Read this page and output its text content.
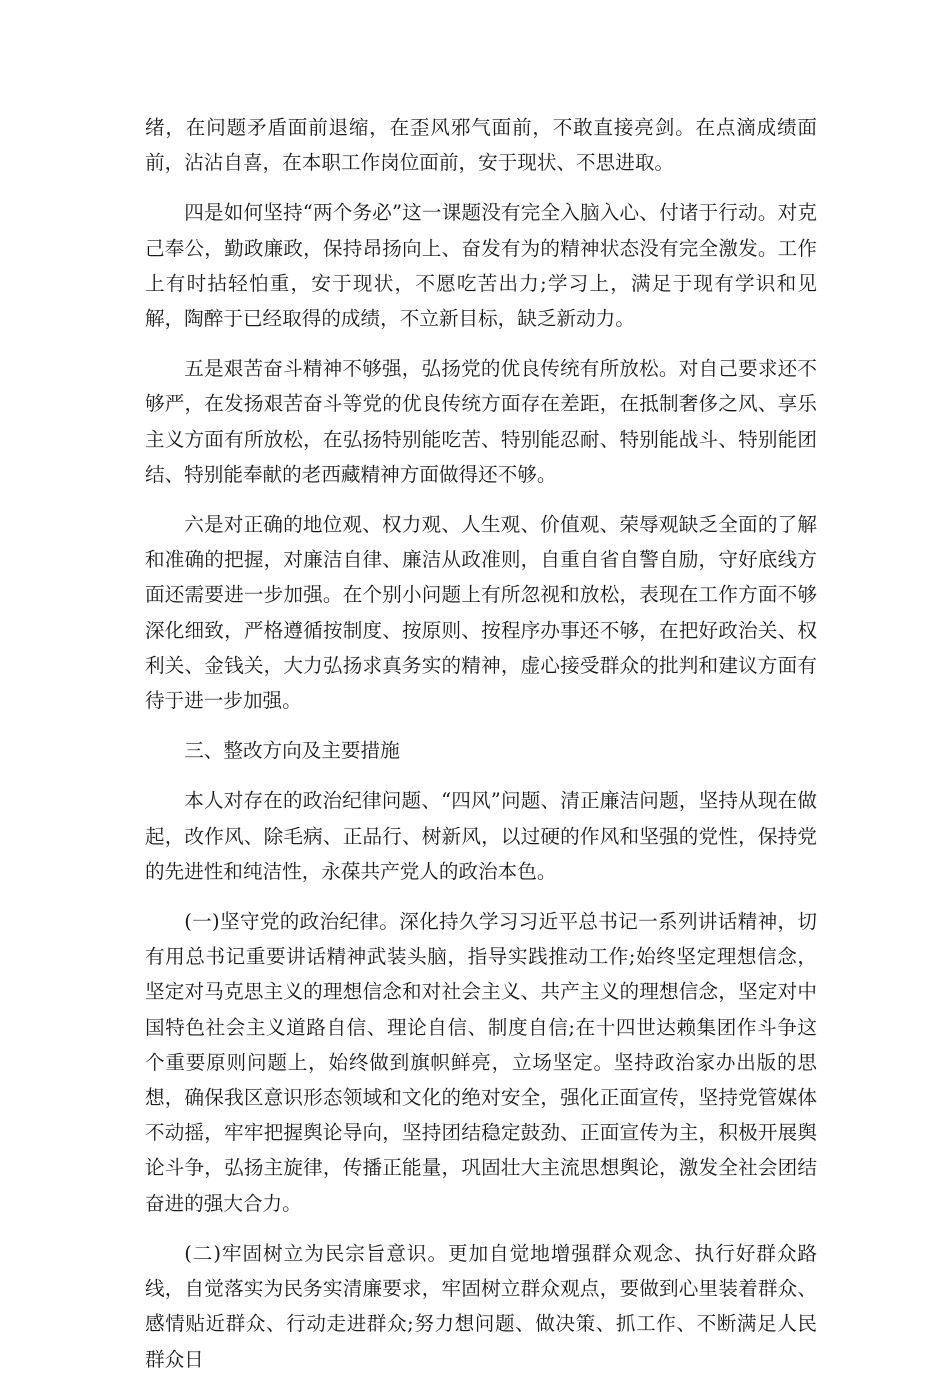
绪，在问题矛盾面前退缩，在歪风邪气面前，不敢直接亮剑。在点滴成绩面前，沾沾自喜，在本职工作岗位面前，安于现状、不思进取。

四是如何坚持“两个务必”这一课题没有完全入脑入心、付诸于行动。对克己奉公，勤政廉政，保持昂扬向上、奋发有为的精神状态没有完全激发。工作上有时拈轻怕重，安于现状，不愿吃苦出力;学习上，满足于现有学识和见解，陶醉于已经取得的成绩，不立新目标，缺乏新动力。

五是艰苦奋斗精神不够强，弘扬党的优良传统有所放松。对自己要求还不够严，在发扬艰苦奋斗等党的优良传统方面存在差距，在抵制奢侈之风、享乐主义方面有所放松，在弘扬特别能吃苦、特别能忍耐、特别能战斗、特别能团结、特别能奉献的老西藏精神方面做得还不够。

六是对正确的地位观、权力观、人生观、价值观、荣辱观缺乏全面的了解和准确的把握，对廉洁自律、廉洁从政准则，自重自省自警自励，守好底线方面还需要进一步加强。在个别小问题上有所忽视和放松，表现在工作方面不够深化细致，严格遵循按制度、按原则、按程序办事还不够，在把好政治关、权利关、金钱关，大力弘扬求真务实的精神，虚心接受群众的批判和建议方面有待于进一步加强。

三、整改方向及主要措施

本人对存在的政治纪律问题、“四风”问题、清正廉洁问题，坚持从现在做起，改作风、除毛病、正品行、树新风，以过硬的作风和坚强的党性，保持党的先进性和纯洁性，永葆共产党人的政治本色。

(一)坚守党的政治纪律。深化持久学习习近平总书记一系列讲话精神，切有用总书记重要讲话精神武装头脑，指导实践推动工作;始终坚定理想信念，坚定对马克思主义的理想信念和对社会主义、共产主义的理想信念，坚定对中国特色社会主义道路自信、理论自信、制度自信;在十四世达赖集团作斗争这个重要原则问题上，始终做到旗帜鲜亮，立场坚定。坚持政治家办出版的思想，确保我区意识形态领域和文化的绝对安全，强化正面宣传，坚持党管媒体不动摇，牢牢把握舆论导向，坚持团结稳定鼓劲、正面宣传为主，积极开展舆论斗争，弘扬主旋律，传播正能量，巩固壮大主流思想舆论，激发全社会团结奋进的强大合力。

(二)牢固树立为民宗旨意识。更加自觉地增强群众观念、执行好群众路线，自觉落实为民务实清廉要求，牢固树立群众观点，要做到心里装着群众、感情贴近群众、行动走进群众;努力想问题、做决策、抓工作、不断满足人民群众日
